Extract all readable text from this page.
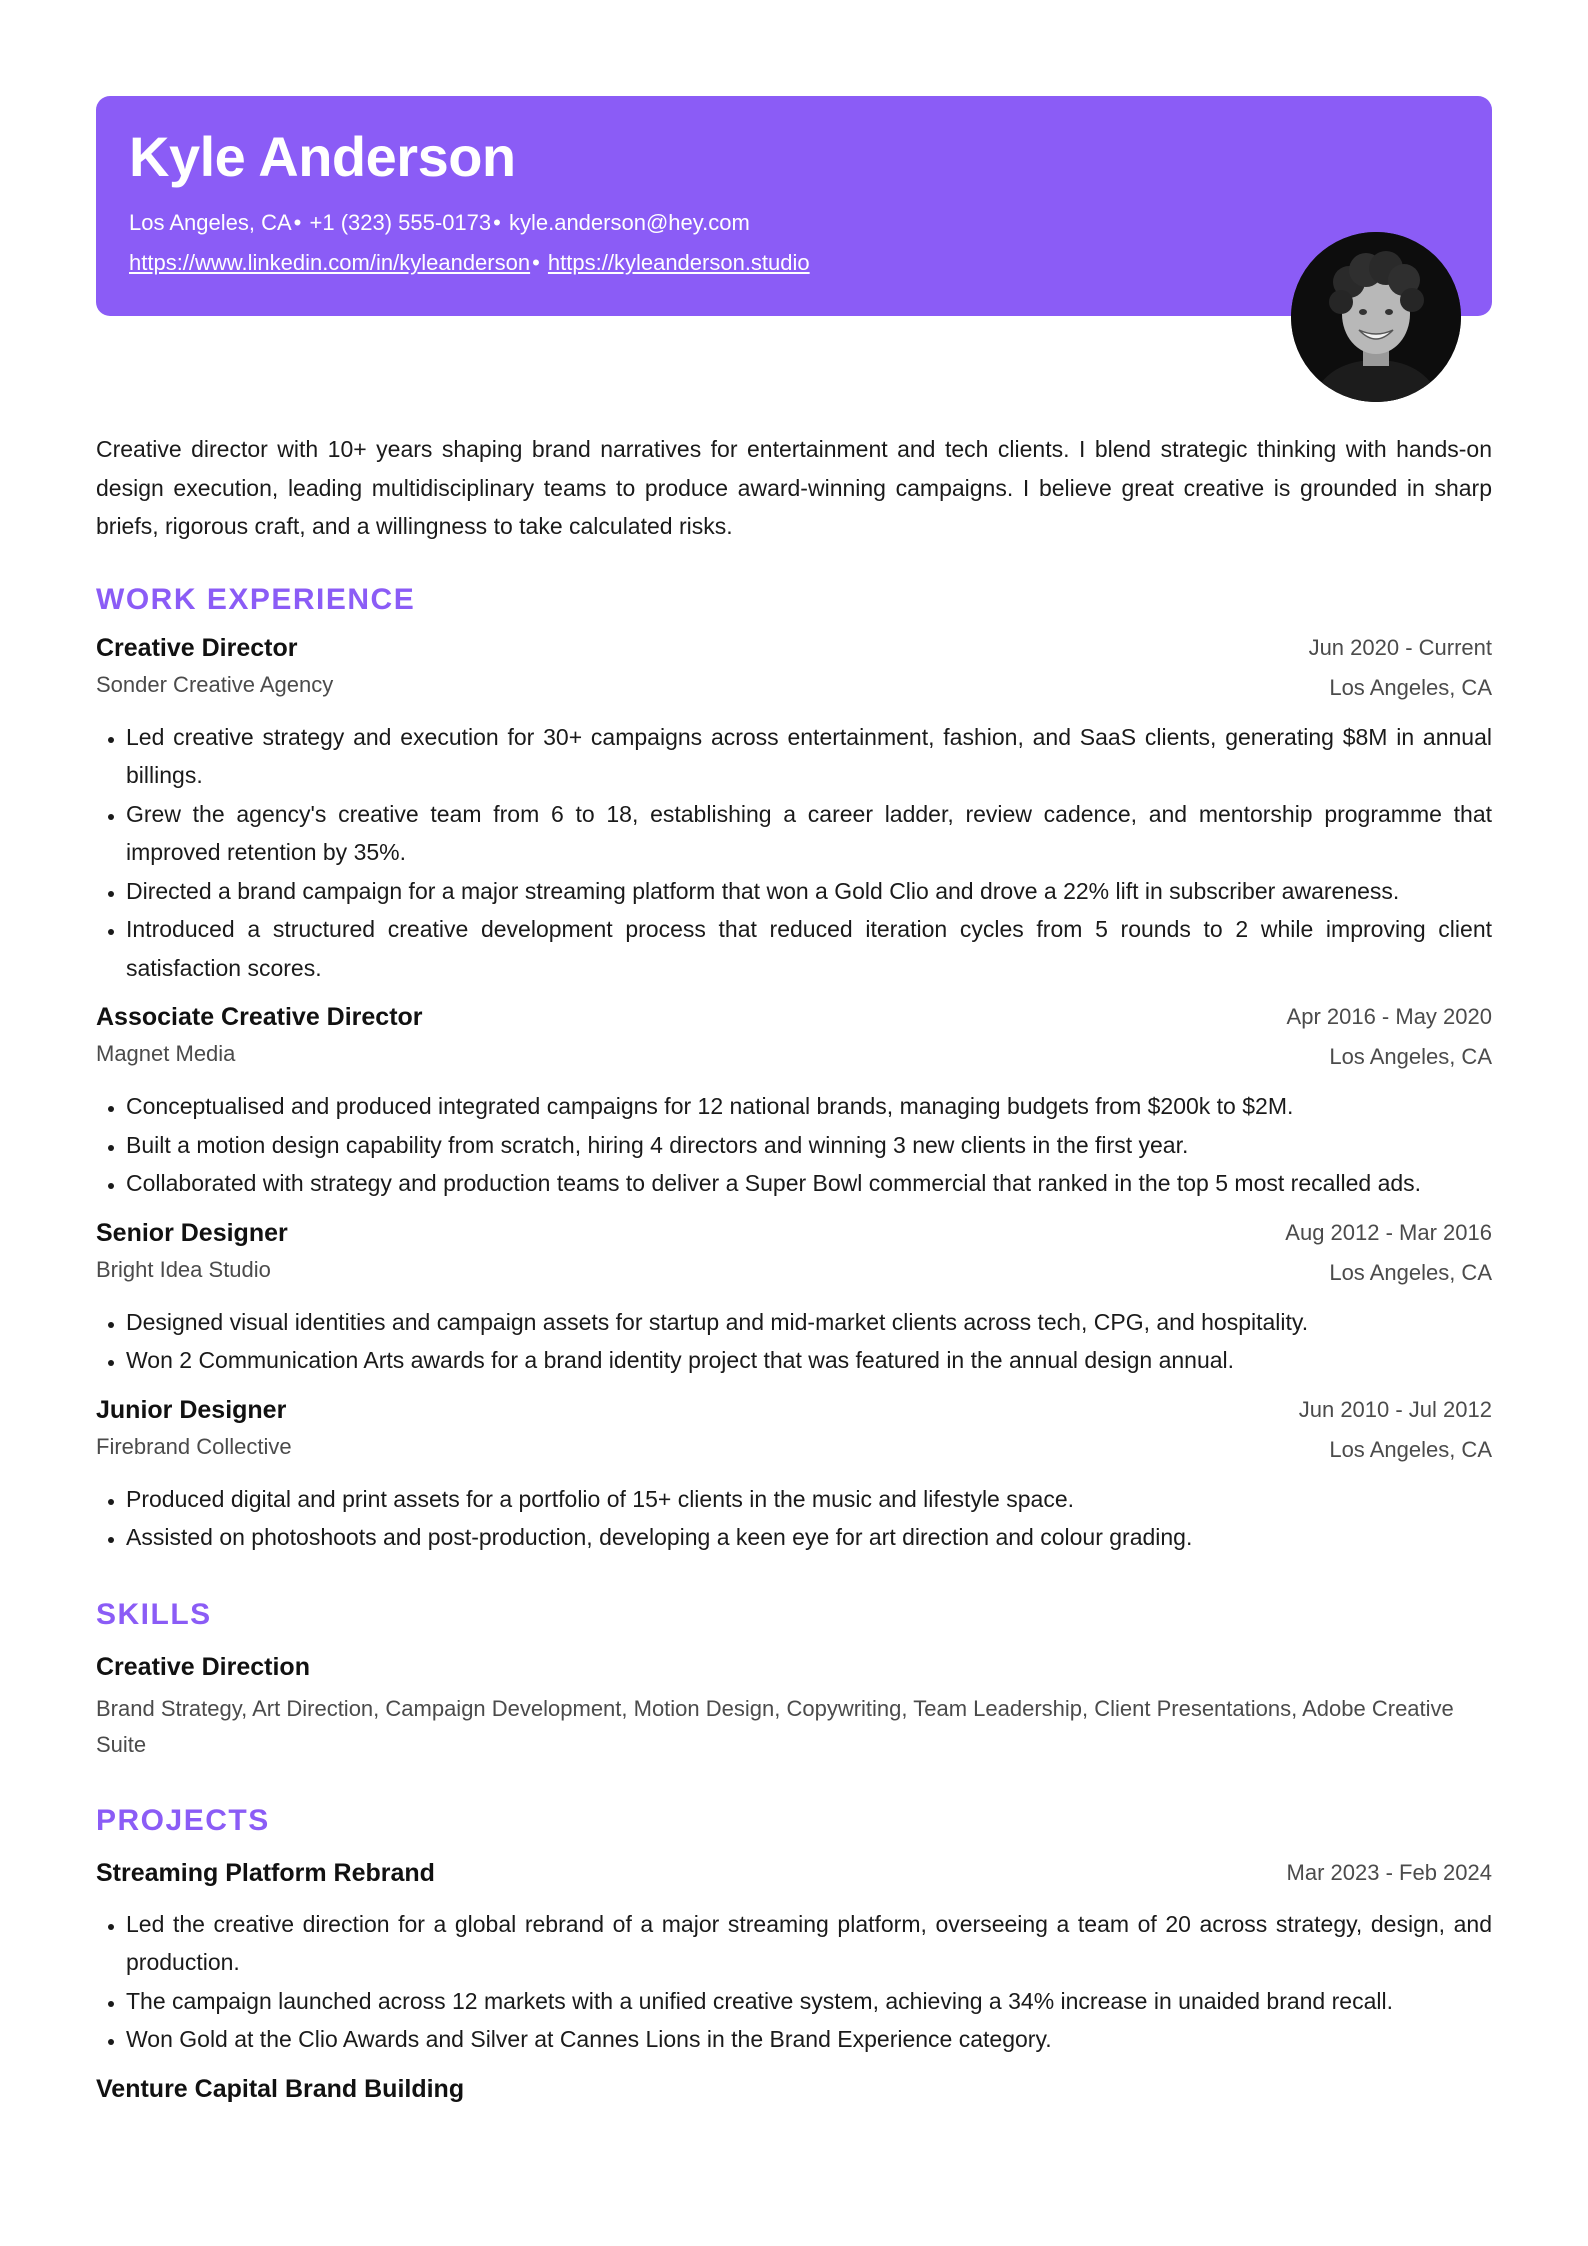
Kyle Anderson
Los Angeles, CA• +1 (323) 555-0173• kyle.anderson@hey.com
https://www.linkedin.com/in/kyleanderson• https://kyleanderson.studio

Creative director with 10+ years shaping brand narratives for entertainment and tech clients. I blend strategic thinking with hands-on design execution, leading multidisciplinary teams to produce award-winning campaigns. I believe great creative is grounded in sharp briefs, rigorous craft, and a willingness to take calculated risks.

WORK EXPERIENCE
Creative Director
Sonder Creative Agency
Jun 2020 - Current
Los Angeles, CA
• Led creative strategy and execution for 30+ campaigns across entertainment, fashion, and SaaS clients, generating $8M in annual billings.
• Grew the agency's creative team from 6 to 18, establishing a career ladder, review cadence, and mentorship programme that improved retention by 35%.
• Directed a brand campaign for a major streaming platform that won a Gold Clio and drove a 22% lift in subscriber awareness.
• Introduced a structured creative development process that reduced iteration cycles from 5 rounds to 2 while improving client satisfaction scores.
Associate Creative Director
Magnet Media
Apr 2016 - May 2020
Los Angeles, CA
• Conceptualised and produced integrated campaigns for 12 national brands, managing budgets from $200k to $2M.
• Built a motion design capability from scratch, hiring 4 directors and winning 3 new clients in the first year.
• Collaborated with strategy and production teams to deliver a Super Bowl commercial that ranked in the top 5 most recalled ads.
Senior Designer
Bright Idea Studio
Aug 2012 - Mar 2016
Los Angeles, CA
• Designed visual identities and campaign assets for startup and mid-market clients across tech, CPG, and hospitality.
• Won 2 Communication Arts awards for a brand identity project that was featured in the annual design annual.
Junior Designer
Firebrand Collective
Jun 2010 - Jul 2012
Los Angeles, CA
• Produced digital and print assets for a portfolio of 15+ clients in the music and lifestyle space.
• Assisted on photoshoots and post-production, developing a keen eye for art direction and colour grading.
SKILLS

Creative Direction

Brand Strategy, Art Direction, Campaign Development, Motion Design, Copywriting, Team Leadership, Client Presentations, Adobe Creative Suite

PROJECTS
Streaming Platform Rebrand	Mar 2023 - Feb 2024
• Led the creative direction for a global rebrand of a major streaming platform, overseeing a team of 20 across strategy, design, and production.
• The campaign launched across 12 markets with a unified creative system, achieving a 34% increase in unaided brand recall.
• Won Gold at the Clio Awards and Silver at Cannes Lions in the Brand Experience category.
Venture Capital Brand Building
